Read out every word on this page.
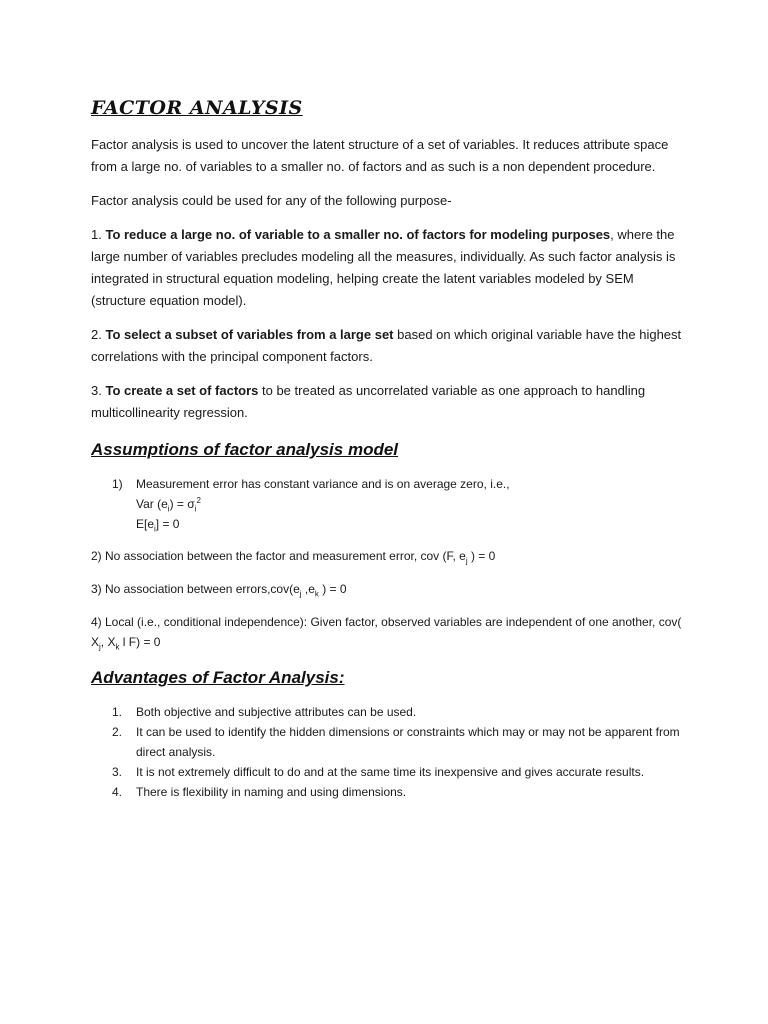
FACTOR ANALYSIS

Factor analysis is used to uncover the latent structure of a set of variables. It reduces attribute space from a large no. of variables to a smaller no. of factors and as such is a non dependent procedure.

Factor analysis could be used for any of the following purpose-

1. To reduce a large no. of variable to a smaller no. of factors for modeling purposes, where the large number of variables precludes modeling all the measures, individually. As such factor analysis is integrated in structural equation modeling, helping create the latent variables modeled by SEM (structure equation model).

2. To select a subset of variables from a large set based on which original variable have the highest correlations with the principal component factors.

3. To create a set of factors to be treated as uncorrelated variable as one approach to handling multicollinearity regression.

Assumptions of factor analysis model
1) Measurement error has constant variance and is on average zero, i.e.,
Var $(e_i) = \sigma_i^2$
$E[e_i] = 0$

2) No association between the factor and measurement error, cov (F, $e_j$ ) = 0

3) No association between $errors,cov(e_j$ $,e_k$ ) = 0

4) Local (i.e., conditional independence): Given factor, observed variables are independent of one another, cov( $X_j$, $X_k$ l F) = 0

Advantages of Factor Analysis:
1. Both objective and subjective attributes can be used.
2. It can be used to identify the hidden dimensions or constraints which may or may not be apparent from direct analysis.
3. It is not extremely difficult to do and at the same time its inexpensive and gives accurate results.
4. There is flexibility in naming and using dimensions.
